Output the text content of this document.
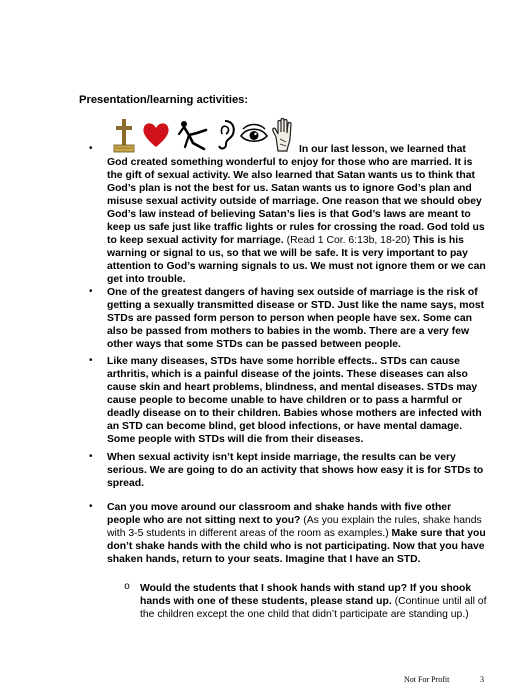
Presentation/learning activities:
•	In our last lesson, we learned that God created something wonderful to enjoy for those who are married. It is the gift of sexual activity. We also learned that Satan wants us to think that God’s plan is not the best for us. Satan wants us to ignore God’s plan and misuse sexual activity outside of marriage. One reason that we should obey God’s law instead of believing Satan’s lies is that God’s laws are meant to keep us safe just like traffic lights or rules for crossing the road. God told us to keep sexual activity for marriage. (Read 1 Cor. 6:13b, 18-20) This is his warning or signal to us, so that we will be safe. It is very important to pay attention to God’s warning signals to us. We must not ignore them or we can get into trouble.
• One of the greatest dangers of having sex outside of marriage is the risk of getting a sexually transmitted disease or STD. Just like the name says, most STDs are passed form person to person when people have sex. Some can also be passed from mothers to babies in the womb. There are a very few other ways that some STDs can be passed between people.
• Like many diseases, STDs have some horrible effects.. STDs can cause arthritis, which is a painful disease of the joints. These diseases can also cause skin and heart problems, blindness, and mental diseases. STDs may cause people to become unable to have children or to pass a harmful or deadly disease on to their children. Babies whose mothers are infected with an STD can become blind, get blood infections, or have mental damage. Some people with STDs will die from their diseases.
• When sexual activity isn’t kept inside marriage, the results can be very serious. We are going to do an activity that shows how easy it is for STDs to spread.
• Can you move around our classroom and shake hands with five other people who are not sitting next to you? (As you explain the rules, shake hands with 3-5 students in different areas of the room as examples.) Make sure that you don’t shake hands with the child who is not participating. Now that you have shaken hands, return to your seats. Imagine that I have an STD.
o Would the students that I shook hands with stand up? If you shook hands with one of these students, please stand up. (Continue until all of the children except the one child that didn’t participate are standing up.)
Not For Profit	3
